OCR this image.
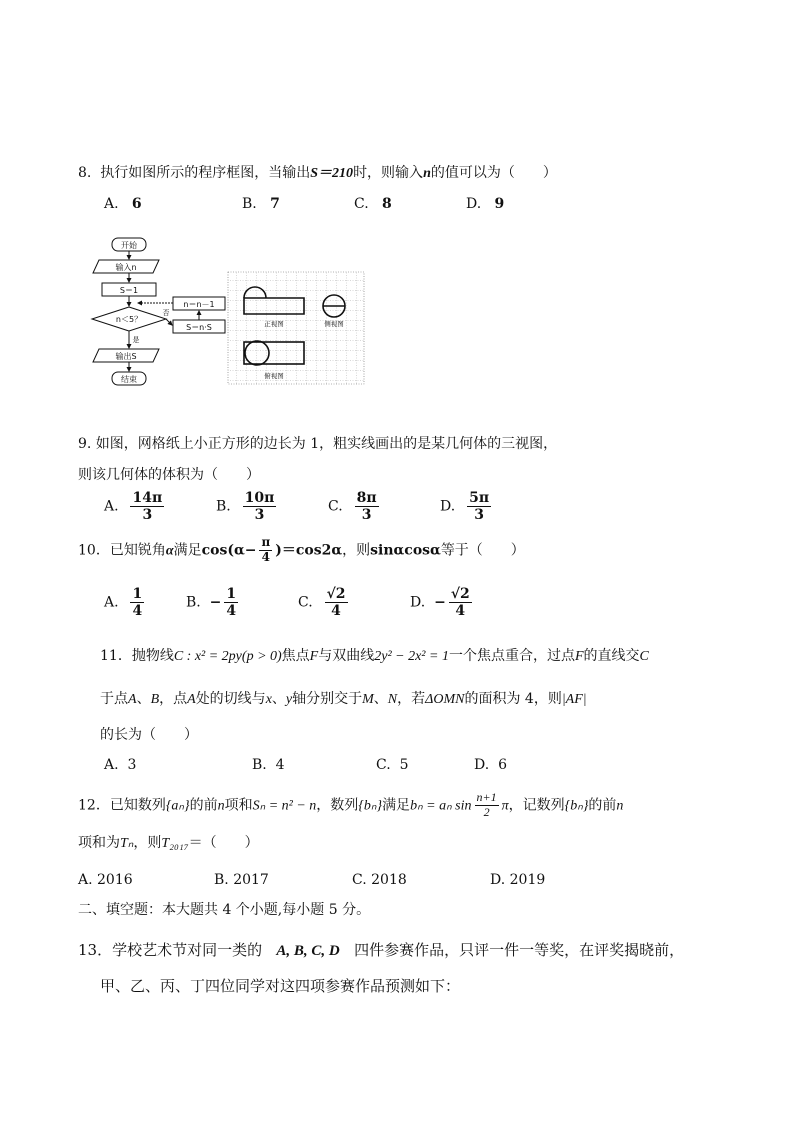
8. 执行如图所示的程序框图，当输出S＝210时，则输入n的值可以为（　　）
A. 6	B. 7	C. 8	D. 9
开始
输入n
S＝1
n＜5？
n＝n－1
S＝n·S
输出S
结束
否
是
正视图	侧视图
俯视图
9. 如图，网格纸上小正方形的边长为 1，粗实线画出的是某几何体的三视图，
则该几何体的体积为（　　）
A. $\frac{14\pi}{3}$	B. $\frac{10\pi}{3}$	C. $\frac{8\pi}{3}$	D. $\frac{5\pi}{3}$
10．已知锐角α满足$\cos(\alpha- \frac{\pi}{4} )=\cos 2\alpha$，则sinαcosα等于（　　）
A. $\frac{1}{4}$	B. − $\frac{1}{4}$	C. $\frac{√2}{4}$	D. − $\frac{√2}{4}$
11．抛物线C : x² = 2py(p > 0)焦点F与双曲线2y² − 2x² = 1一个焦点重合，过点F的直线交C
于点A、B，点A处的切线与x、y轴分别交于M、N，若ΔOMN的面积为 4，则|AF|
的长为（　　）
A. 3	B. 4	C. 5	D. 6
12．已知数列{aₙ}的前n项和Sₙ = n² − n，数列{bₙ}满足bₙ = aₙ $\sin \frac{n+1}{2}$ π，记数列{bₙ}的前n
项和为Tₙ，则T₂₀₁₇＝（　　）
A. 2016	B. 2017	C. 2018	D. 2019
二、填空题：本大题共 4 个小题,每小题 5 分。
13．学校艺术节对同一类的 A, B, C, D 四件参赛作品，只评一件一等奖，在评奖揭晓前，
甲、乙、丙、丁四位同学对这四项参赛作品预测如下：
